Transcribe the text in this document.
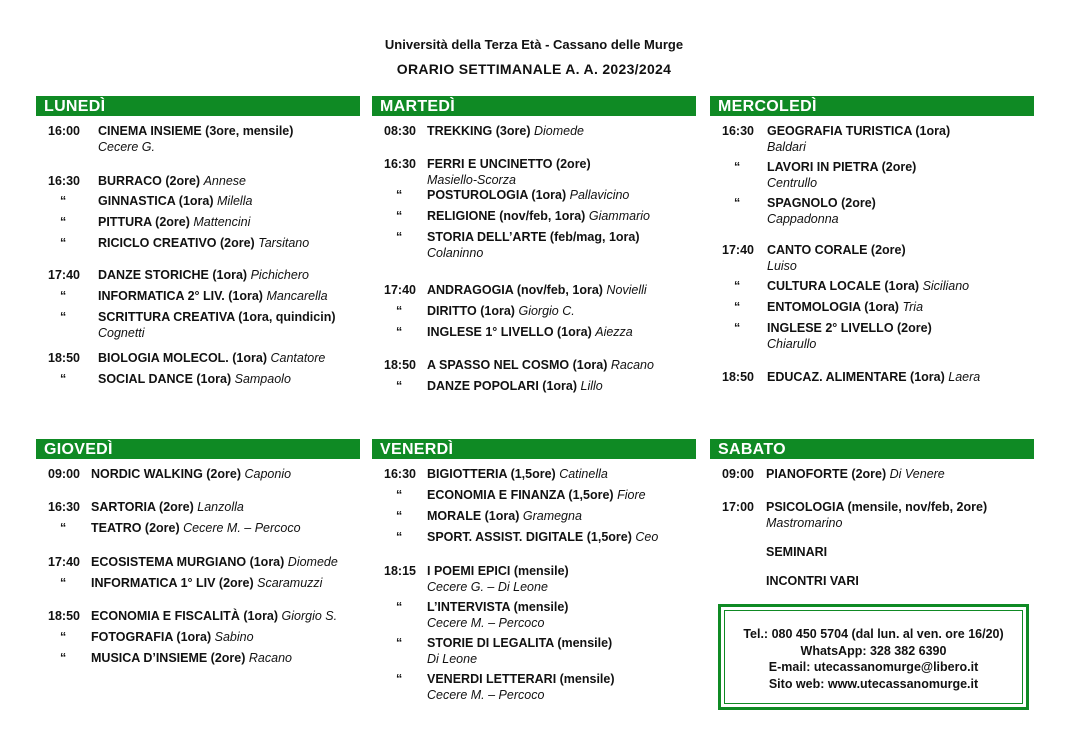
Università della Terza Età - Cassano delle Murge
ORARIO SETTIMANALE A. A. 2023/2024
LUNEDÌ
16:00 CINEMA INSIEME (3ore, mensile)
Cecere G.
16:30 BURRACO (2ore) Annese
“	GINNASTICA (1ora) Milella
“	PITTURA (2ore) Mattencini
“	RICICLO CREATIVO (2ore) Tarsitano
17:40 DANZE STORICHE (1ora) Pichichero
“	INFORMATICA 2° LIV. (1ora) Mancarella
“	SCRITTURA CREATIVA (1ora, quindicin)
Cognetti
18:50 BIOLOGIA MOLECOL. (1ora) Cantatore
“	SOCIAL DANCE (1ora) Sampaolo
MARTEDÌ
08:30 TREKKING (3ore) Diomede
16:30 FERRI E UNCINETTO (2ore)
Masiello-Scorza
“ POSTUROLOGIA (1ora) Pallavicino
“ RELIGIONE (nov/feb, 1ora) Giammario
“ STORIA DELL’ARTE (feb/mag, 1ora)
Colaninno
17:40 ANDRAGOGIA (nov/feb, 1ora) Novielli
“ DIRITTO (1ora) Giorgio C.
“ INGLESE 1° LIVELLO (1ora) Aiezza
18:50 A SPASSO NEL COSMO (1ora) Racano
“ DANZE POPOLARI (1ora) Lillo
MERCOLEDÌ
16:30 GEOGRAFIA TURISTICA (1ora)
Baldari
“ LAVORI IN PIETRA (2ore)
Centrullo
“ SPAGNOLO (2ore)
Cappadonna
17:40 CANTO CORALE (2ore)
Luiso
“ CULTURA LOCALE (1ora) Siciliano
“ ENTOMOLOGIA (1ora) Tria
“ INGLESE 2° LIVELLO (2ore)
Chiarullo
18:50 EDUCAZ. ALIMENTARE (1ora) Laera
GIOVEDÌ
09:00 NORDIC WALKING (2ore) Caponio
16:30 SARTORIA (2ore) Lanzolla
“ TEATRO (2ore) Cecere M. – Percoco
17:40 ECOSISTEMA MURGIANO (1ora) Diomede
“ INFORMATICA 1° LIV (2ore) Scaramuzzi
18:50 ECONOMIA E FISCALITÀ (1ora) Giorgio S.
“ FOTOGRAFIA (1ora) Sabino
“ MUSICA D’INSIEME (2ore) Racano
VENERDÌ
16:30 BIGIOTTERIA (1,5ore) Catinella
“ ECONOMIA E FINANZA (1,5ore) Fiore
“ MORALE (1ora) Gramegna
“ SPORT. ASSIST. DIGITALE (1,5ore) Ceo
18:15 I POEMI EPICI (mensile)
Cecere G. – Di Leone
“ L’INTERVISTA (mensile)
Cecere M. – Percoco
“ STORIE DI LEGALITA (mensile)
Di Leone
“ VENERDI LETTERARI (mensile)
Cecere M. – Percoco
SABATO
09:00 PIANOFORTE (2ore) Di Venere
17:00 PSICOLOGIA (mensile, nov/feb, 2ore)
Mastromarino
SEMINARI
INCONTRI VARI
Tel.: 080 450 5704 (dal lun. al ven. ore 16/20)
WhatsApp: 328 382 6390
E-mail: utecassanomurge@libero.it
Sito web: www.utecassanomurge.it
